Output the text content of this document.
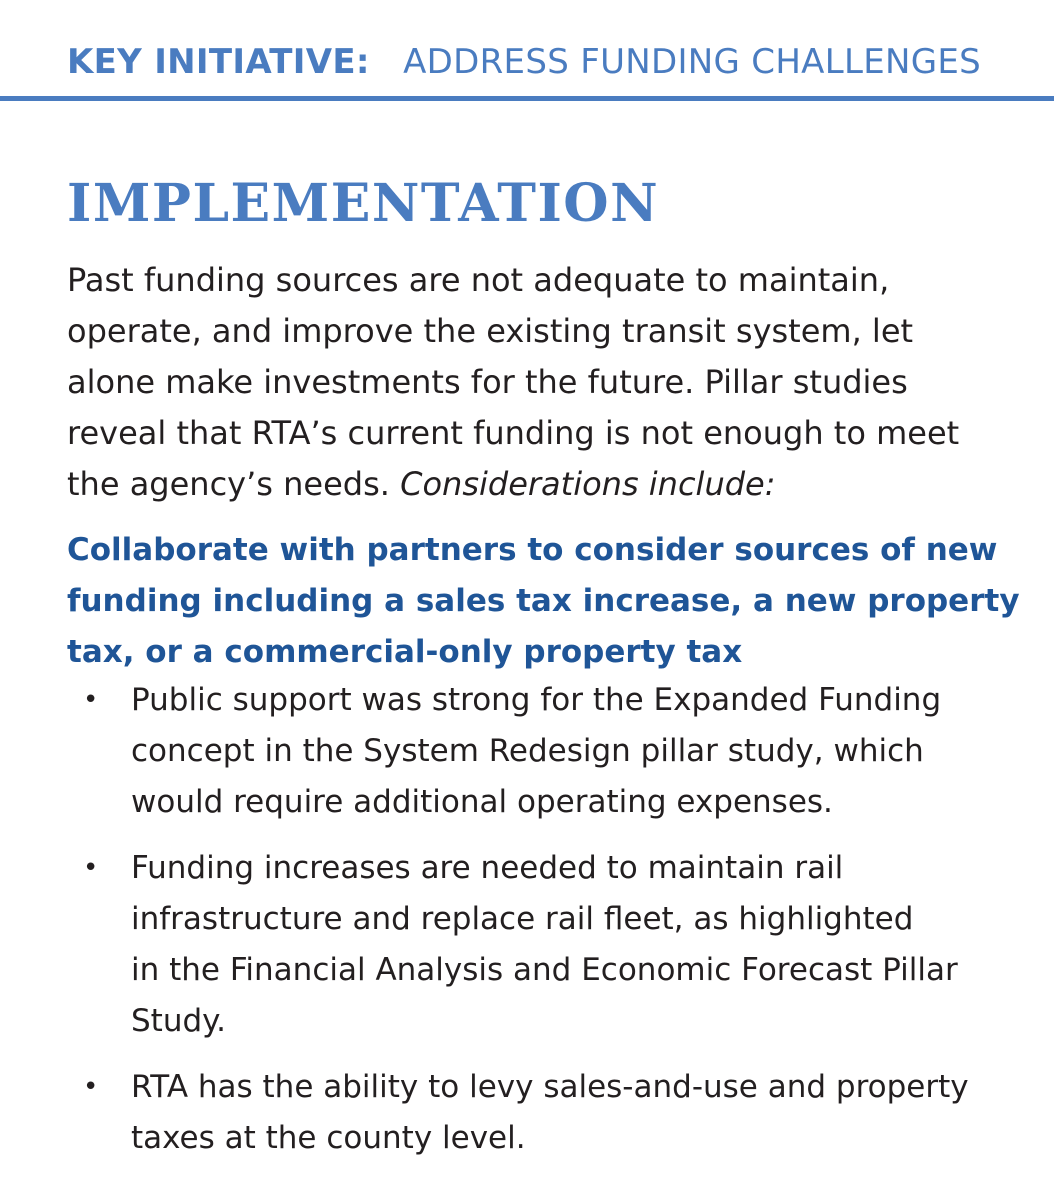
KEY INITIATIVE: ADDRESS FUNDING CHALLENGES
IMPLEMENTATION
Past funding sources are not adequate to maintain,
operate, and improve the existing transit system, let
alone make investments for the future. Pillar studies
reveal that RTA’s current funding is not enough to meet
the agency’s needs. Considerations include:
Collaborate with partners to consider sources of new
funding including a sales tax increase, a new property
tax, or a commercial-only property tax
• Public support was strong for the Expanded Funding
concept in the System Redesign pillar study, which
would require additional operating expenses.
• Funding increases are needed to maintain rail
infrastructure and replace rail fleet, as highlighted
in the Financial Analysis and Economic Forecast Pillar
Study.
• RTA has the ability to levy sales-and-use and property
taxes at the county level.
